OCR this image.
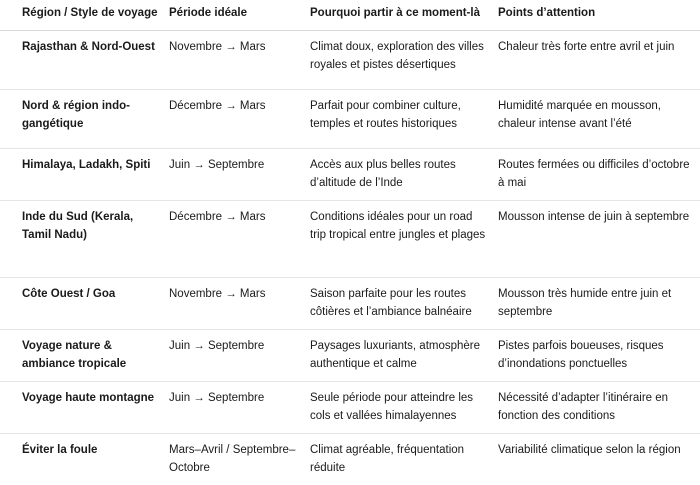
Région / Style de voyage	Période idéale	Pourquoi partir à ce moment-là	Points d’attention
Rajasthan & Nord-Ouest	Novembre → Mars	Climat doux, exploration des villes royales et pistes désertiques	Chaleur très forte entre avril et juin
Nord & région indo-gangétique	Décembre → Mars	Parfait pour combiner culture, temples et routes historiques	Humidité marquée en mousson, chaleur intense avant l’été
Himalaya, Ladakh, Spiti	Juin → Septembre	Accès aux plus belles routes d’altitude de l’Inde	Routes fermées ou difficiles d’octobre à mai
Inde du Sud (Kerala, Tamil Nadu)	Décembre → Mars	Conditions idéales pour un road trip tropical entre jungles et plages	Mousson intense de juin à septembre
Côte Ouest / Goa	Novembre → Mars	Saison parfaite pour les routes côtières et l’ambiance balnéaire	Mousson très humide entre juin et septembre
Voyage nature & ambiance tropicale	Juin → Septembre	Paysages luxuriants, atmosphère authentique et calme	Pistes parfois boueuses, risques d’inondations ponctuelles
Voyage haute montagne	Juin → Septembre	Seule période pour atteindre les cols et vallées himalayennes	Nécessité d’adapter l’itinéraire en fonction des conditions
Éviter la foule	Mars–Avril / Septembre–Octobre	Climat agréable, fréquentation réduite	Variabilité climatique selon la région
